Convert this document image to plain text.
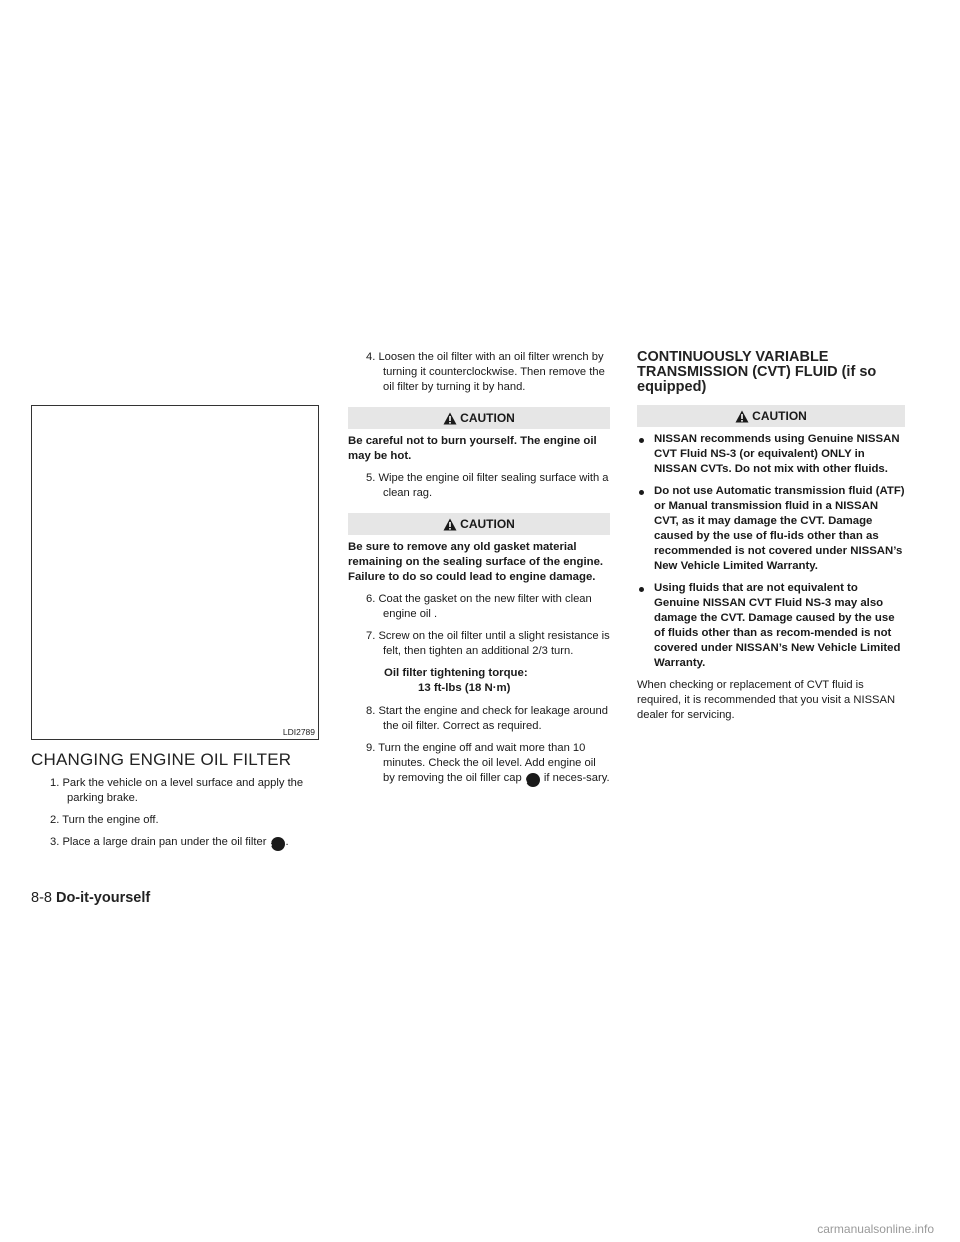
LDI2789
CHANGING ENGINE OIL FILTER

1. Park the vehicle on a level surface and apply the parking brake.

2. Turn the engine off.

3. Place a large drain pan under the oil filter B .

4. Loosen the oil filter with an oil filter wrench by turning it counterclockwise. Then remove the oil filter by turning it by hand.

CAUTION

Be careful not to burn yourself. The engine oil may be hot.

5. Wipe the engine oil filter sealing surface with a clean rag.

CAUTION

Be sure to remove any old gasket material remaining on the sealing surface of the engine. Failure to do so could lead to engine damage.

6. Coat the gasket on the new filter with clean engine oil .

7. Screw on the oil filter until a slight resistance is felt, then tighten an additional 2/3 turn.

Oil filter tightening torque:
13 ft-lbs (18 N·m)

8. Start the engine and check for leakage around the oil filter. Correct as required.

9. Turn the engine off and wait more than 10 minutes. Check the oil level. Add engine oil by removing the oil filler cap A if neces-sary.

CONTINUOUSLY VARIABLE TRANSMISSION (CVT) FLUID (if so equipped)
CAUTION
NISSAN recommends using Genuine NISSAN CVT Fluid NS-3 (or equivalent) ONLY in NISSAN CVTs. Do not mix with other fluids.
Do not use Automatic transmission fluid (ATF) or Manual transmission fluid in a NISSAN CVT, as it may damage the CVT. Damage caused by the use of flu-ids other than as recommended is not covered under NISSAN’s New Vehicle Limited Warranty.
Using fluids that are not equivalent to Genuine NISSAN CVT Fluid NS-3 may also damage the CVT. Damage caused by the use of fluids other than as recom-mended is not covered under NISSAN’s New Vehicle Limited Warranty.

When checking or replacement of CVT fluid is required, it is recommended that you visit a NISSAN dealer for servicing.

8-8 Do-it-yourself
carmanualsonline.info
